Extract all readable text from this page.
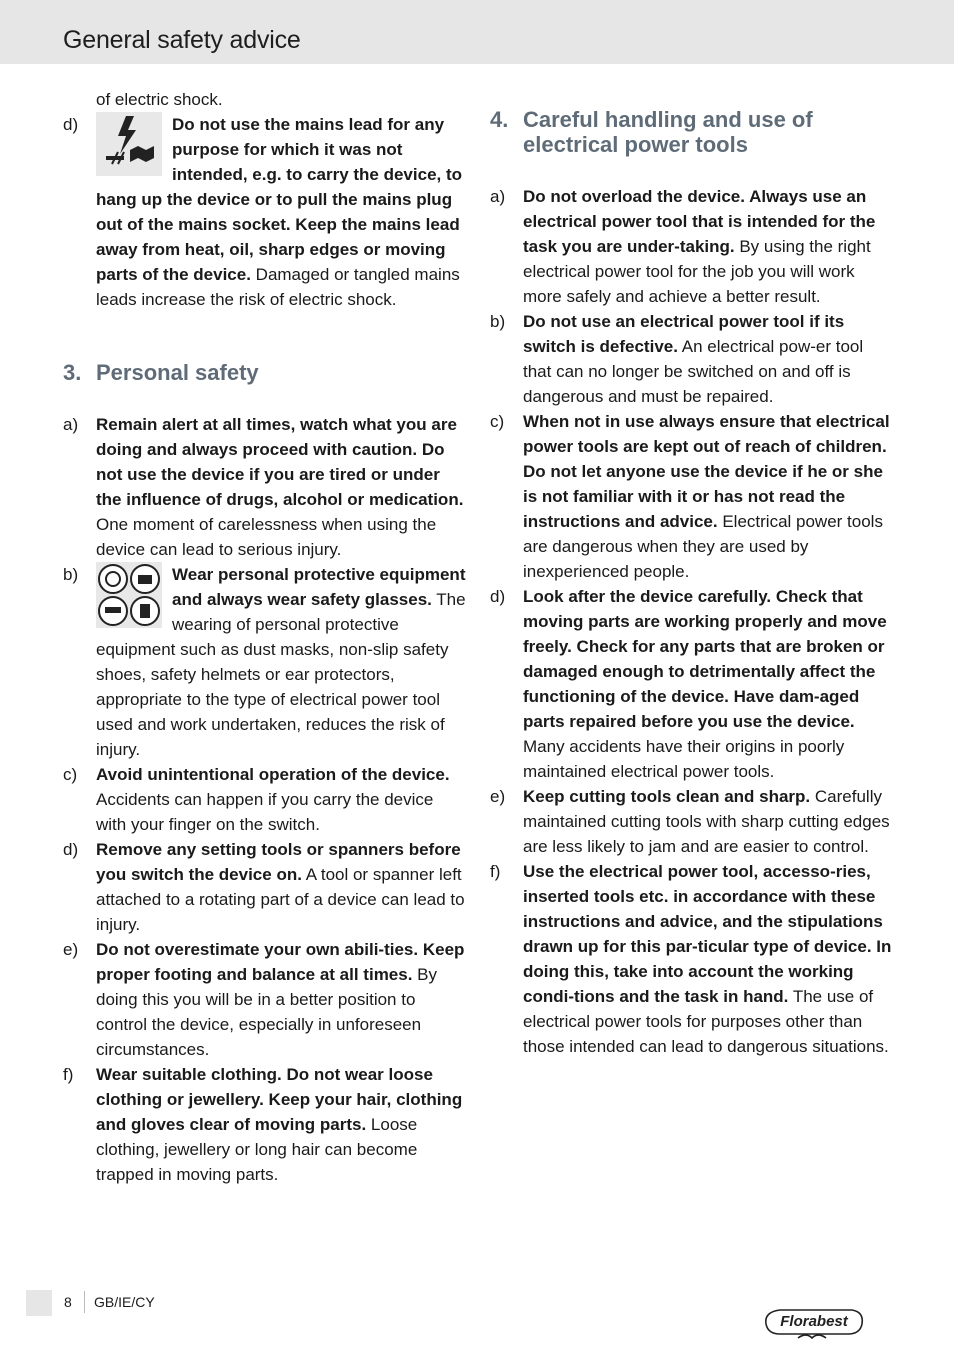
General safety advice
of electric shock.
d)	Do not use the mains lead for any purpose for which it was not intended, e.g. to carry the device, to hang up the device or to pull the mains plug out of the mains socket. Keep the mains lead away from heat, oil, sharp edges or moving parts of the device. Damaged or tangled mains leads increase the risk of electric shock.
3. Personal safety
a) Remain alert at all times, watch what you are doing and always proceed with caution. Do not use the device if you are tired or under the influence of drugs, alcohol or medication. One moment of carelessness when using the device can lead to serious injury.
b)	Wear personal protective equipment and always wear safety glasses. The wearing of personal protective equipment such as dust masks, non-slip safety shoes, safety helmets or ear protectors, appropriate to the type of electrical power tool used and work undertaken, reduces the risk of injury.
c) Avoid unintentional operation of the device. Accidents can happen if you carry the device with your finger on the switch.
d) Remove any setting tools or spanners before you switch the device on. A tool or spanner left attached to a rotating part of a device can lead to injury.
e) Do not overestimate your own abili-ties. Keep proper footing and balance at all times. By doing this you will be in a better position to control the device, especially in unforeseen circumstances.
f) Wear suitable clothing. Do not wear loose clothing or jewellery. Keep your hair, clothing and gloves clear of moving parts. Loose clothing, jewellery or long hair can become trapped in moving parts.
4. Careful handling and use of electrical power tools
a) Do not overload the device. Always use an electrical power tool that is intended for the task you are under-taking. By using the right electrical power tool for the job you will work more safely and achieve a better result.
b) Do not use an electrical power tool if its switch is defective. An electrical pow-er tool that can no longer be switched on and off is dangerous and must be repaired.
c) When not in use always ensure that electrical power tools are kept out of reach of children. Do not let anyone use the device if he or she is not familiar with it or has not read the instructions and advice. Electrical power tools are dangerous when they are used by inexperienced people.
d) Look after the device carefully. Check that moving parts are working properly and move freely. Check for any parts that are broken or damaged enough to detrimentally affect the functioning of the device. Have dam-aged parts repaired before you use the device. Many accidents have their origins in poorly maintained electrical power tools.
e) Keep cutting tools clean and sharp. Carefully maintained cutting tools with sharp cutting edges are less likely to jam and are easier to control.
f) Use the electrical power tool, accesso-ries, inserted tools etc. in accordance with these instructions and advice, and the stipulations drawn up for this par-ticular type of device. In doing this, take into account the working condi-tions and the task in hand. The use of electrical power tools for purposes other than those intended can lead to dangerous situations.
8 GB/IE/CY
Florabest
